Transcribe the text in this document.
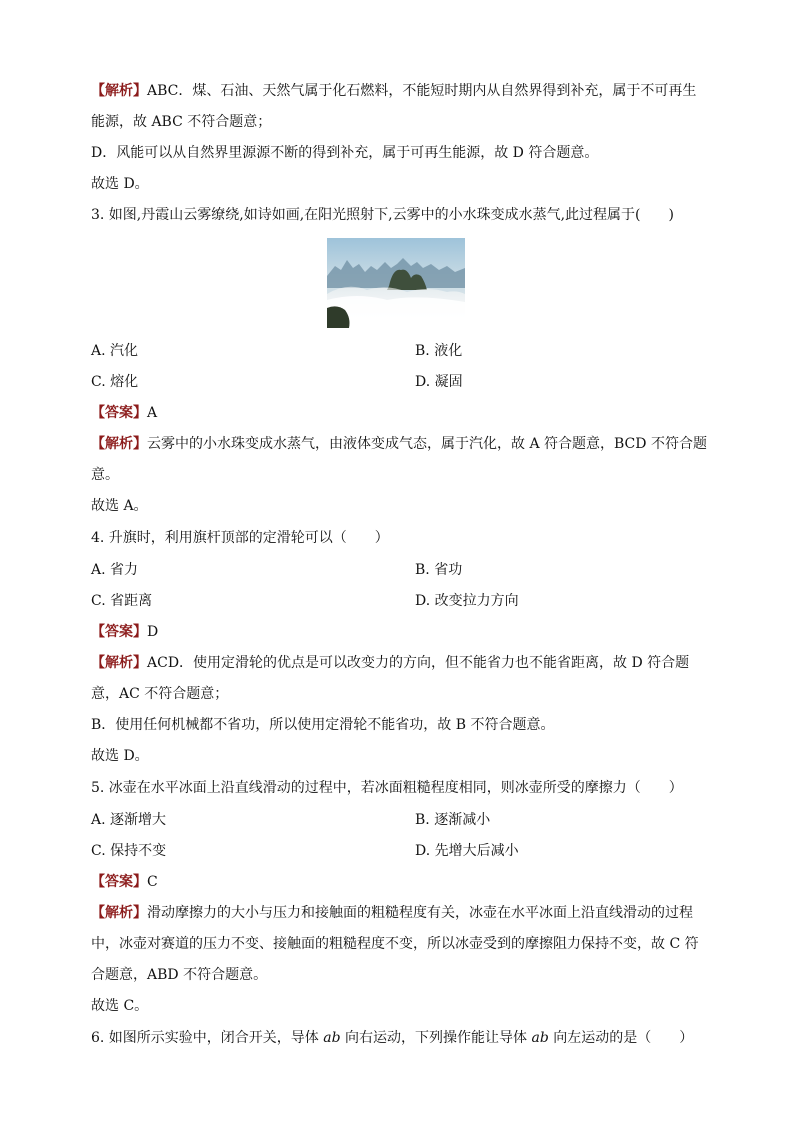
【解析】ABC．煤、石油、天然气属于化石燃料，不能短时期内从自然界得到补充，属于不可再生
能源，故 ABC 不符合题意；
D．风能可以从自然界里源源不断的得到补充，属于可再生能源，故 D 符合题意。
故选 D。
3. 如图,丹霞山云雾缭绕,如诗如画,在阳光照射下,云雾中的小水珠变成水蒸气,此过程属于(　　)
A. 汽化	B. 液化
C. 熔化	D. 凝固
【答案】A
【解析】云雾中的小水珠变成水蒸气，由液体变成气态，属于汽化，故 A 符合题意，BCD 不符合题
意。
故选 A。
4. 升旗时，利用旗杆顶部的定滑轮可以（　　）
A. 省力	B. 省功
C. 省距离	D. 改变拉力方向
【答案】D
【解析】ACD．使用定滑轮的优点是可以改变力的方向，但不能省力也不能省距离，故 D 符合题
意，AC 不符合题意；
B．使用任何机械都不省功，所以使用定滑轮不能省功，故 B 不符合题意。
故选 D。
5. 冰壶在水平冰面上沿直线滑动的过程中，若冰面粗糙程度相同，则冰壶所受的摩擦力（　　）
A. 逐渐增大	B. 逐渐减小
C. 保持不变	D. 先增大后减小
【答案】C
【解析】滑动摩擦力的大小与压力和接触面的粗糙程度有关，冰壶在水平冰面上沿直线滑动的过程
中，冰壶对赛道的压力不变、接触面的粗糙程度不变，所以冰壶受到的摩擦阻力保持不变，故 C 符
合题意，ABD 不符合题意。
故选 C。
6. 如图所示实验中，闭合开关，导体 ab 向右运动，下列操作能让导体 ab 向左运动的是（　　）
